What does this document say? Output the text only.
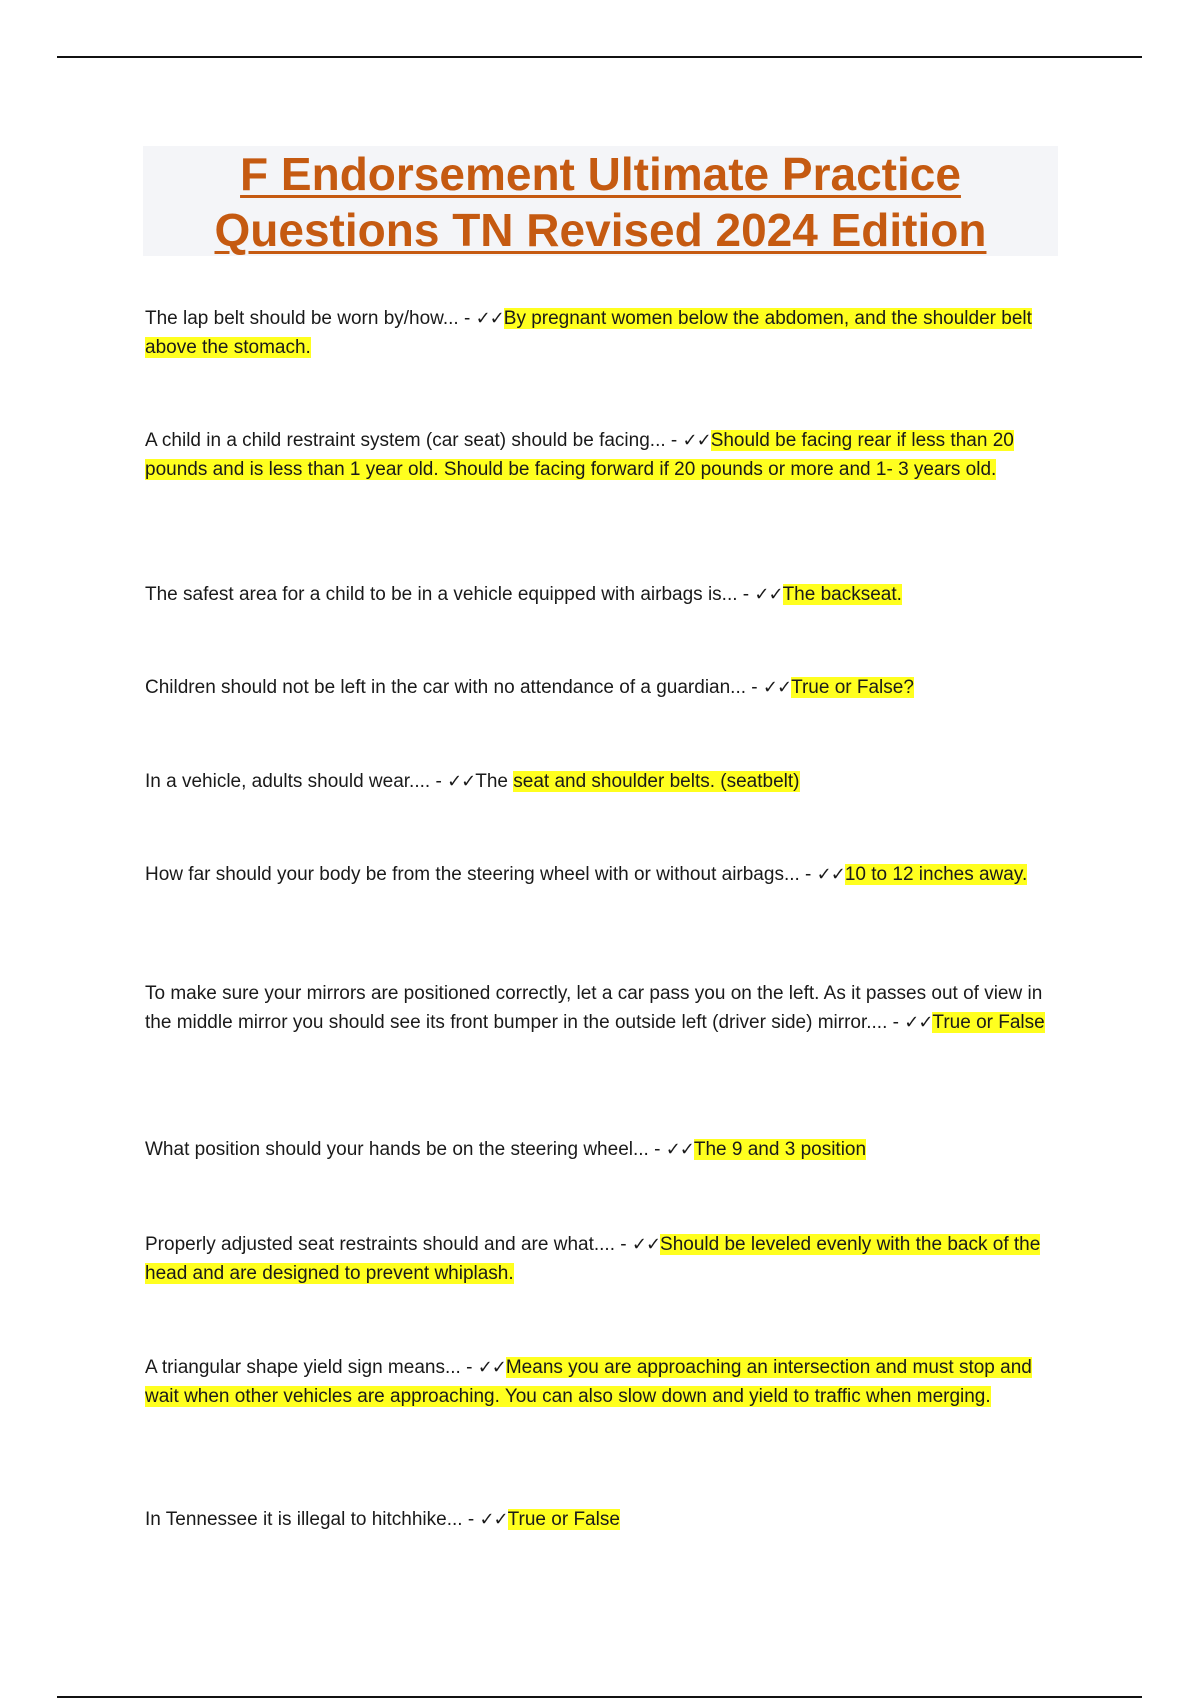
F Endorsement Ultimate Practice
Questions TN Revised 2024 Edition

The lap belt should be worn by/how... - ✓✓By pregnant women below the abdomen, and the shoulder belt above the stomach.

A child in a child restraint system (car seat) should be facing... - ✓✓Should be facing rear if less than 20 pounds and is less than 1 year old. Should be facing forward if 20 pounds or more and 1- 3 years old.

The safest area for a child to be in a vehicle equipped with airbags is... - ✓✓The backseat.

Children should not be left in the car with no attendance of a guardian... - ✓✓True or False?

In a vehicle, adults should wear.... - ✓✓The seat and shoulder belts. (seatbelt)

How far should your body be from the steering wheel with or without airbags... - ✓✓10 to 12 inches away.

To make sure your mirrors are positioned correctly, let a car pass you on the left. As it passes out of view in the middle mirror you should see its front bumper in the outside left (driver side) mirror.... - ✓✓True or False

What position should your hands be on the steering wheel... - ✓✓The 9 and 3 position

Properly adjusted seat restraints should and are what.... - ✓✓Should be leveled evenly with the back of the head and are designed to prevent whiplash.

A triangular shape yield sign means... - ✓✓Means you are approaching an intersection and must stop and wait when other vehicles are approaching. You can also slow down and yield to traffic when merging.

In Tennessee it is illegal to hitchhike... - ✓✓True or False
